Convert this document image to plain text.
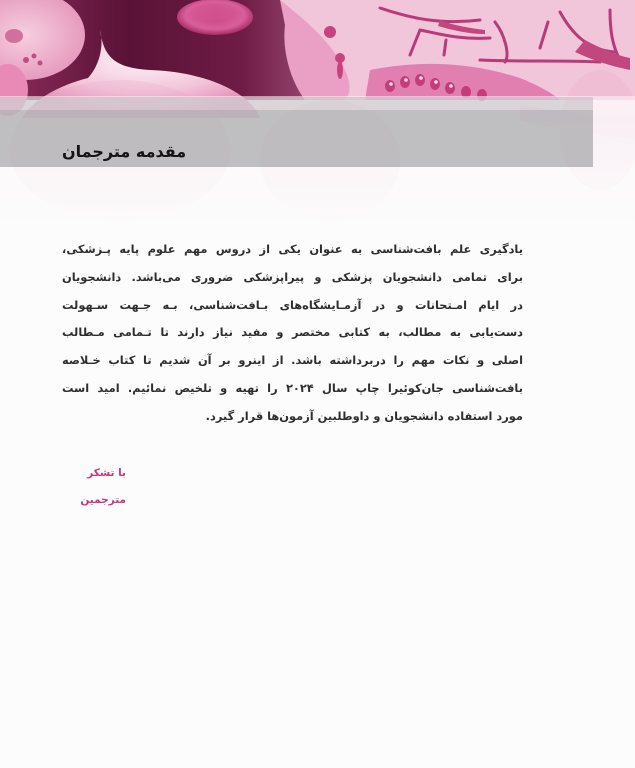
مقدمه مترجمان
یادگیری علم بافت‌شناسی به عنوان یکی از دروس مهم علوم پایه پـزشکی،
برای تمامی دانشجویان پزشکی و پیراپزشکی ضروری می‌باشد. دانشجویان
در ایام امـتحانات و در آزمـایشگاه‌های بـافت‌شناسی، بـه جـهت سـهولت
دست‌یابی به مطالب، به کتابی مختصر و مفید نیاز دارند تا تـمامی مـطالب
اصلی و نکات مهم را دربرداشته باشد. از اینرو بر آن شدیم تا کتاب خـلاصه
بافت‌شناسی جان‌کوئیرا چاپ سال ۲۰۲۴ را تهیه و تلخیص نمائیم. امید است
مورد استفاده دانشجویان و داوطلبین آزمون‌ها قرار گیرد.
با تشکر
مترجمین
